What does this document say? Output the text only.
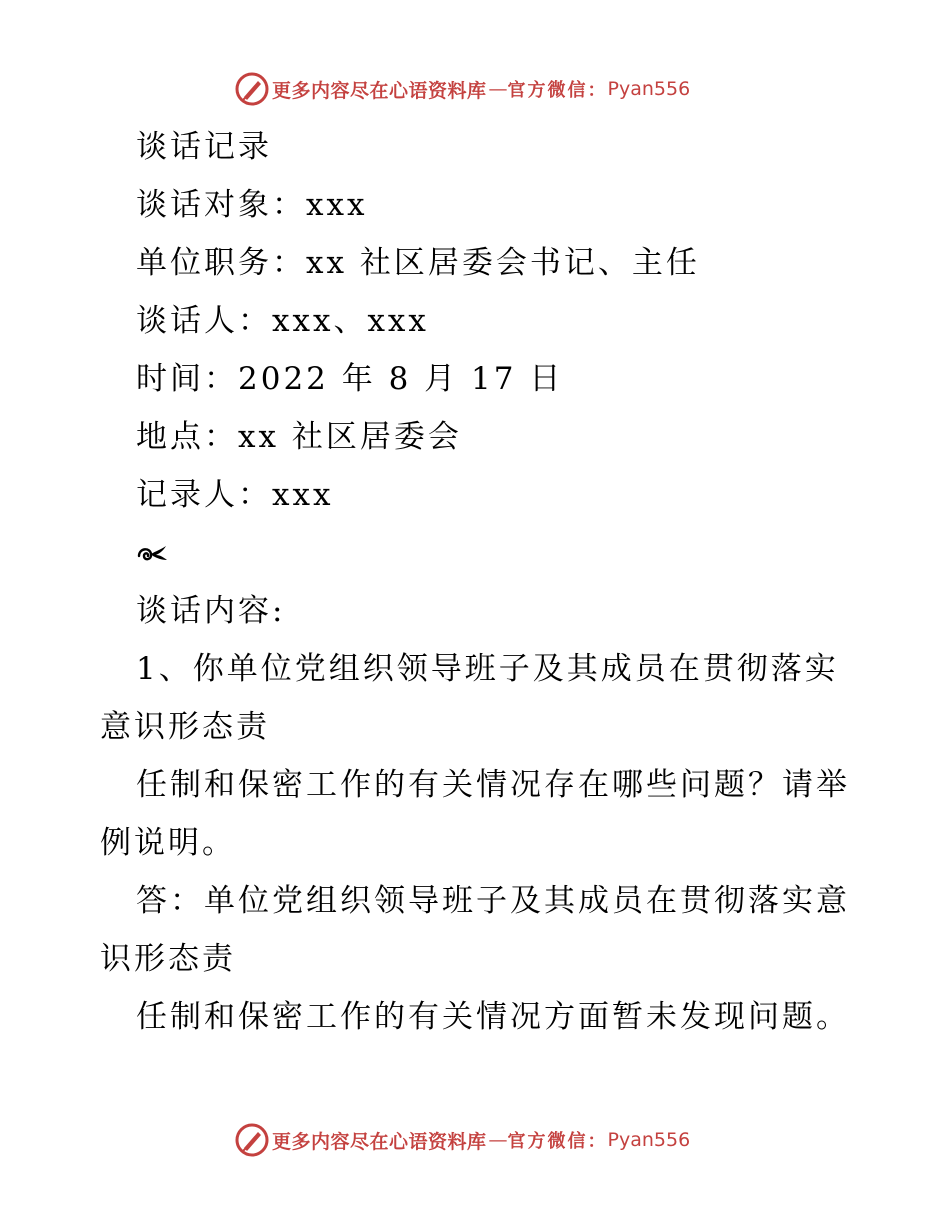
更多内容尽在心语资料库 — 官方微信： Pyan556

谈话记录

谈话对象：xxx

单位职务：xx 社区居委会书记、主任

谈话人：xxx、xxx

时间：2022 年 8 月 17 日

地点：xx 社区居委会

记录人：xxx

谈话内容:

1、你单位党组织领导班子及其成员在贯彻落实

意识形态责

任制和保密工作的有关情况存在哪些问题？请举

例说明。

答：单位党组织领导班子及其成员在贯彻落实意

识形态责

任制和保密工作的有关情况方面暂未发现问题。

更多内容尽在心语资料库 — 官方微信： Pyan556
